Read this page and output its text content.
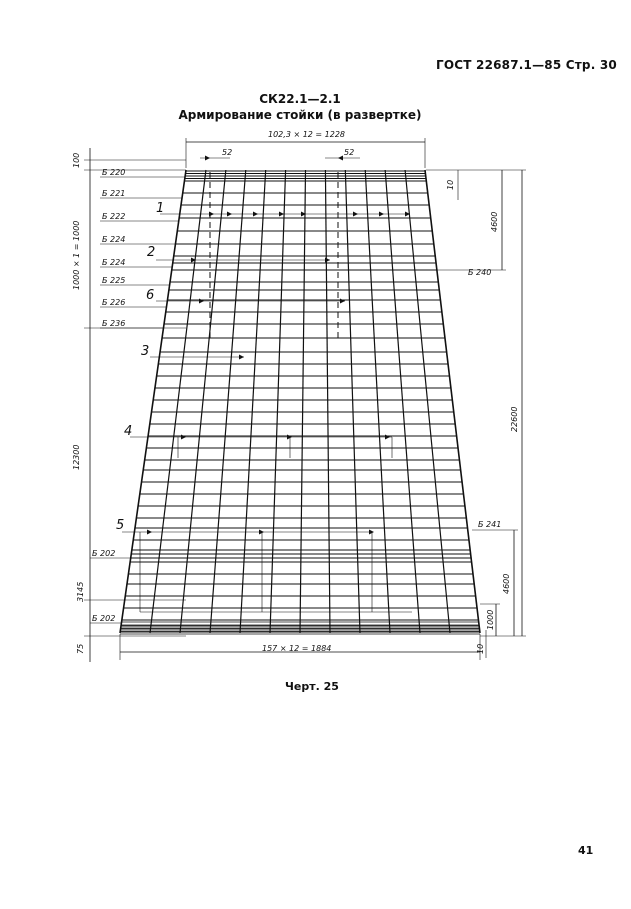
ГОСТ 22687.1—85 Стр. 30
СК22.1—2.1
Армирование стойки (в развертке)
102,3 × 12 = 1228
52	52
157 × 12 = 1884
100
1000 × 1 = 1000
12300
3145
75
10
4600
22600
4600
1000
10
Б 220
Б 221
Б 222
Б 224
Б 224
Б 225
Б 226
Б 236
Б 202
Б 202
Б 240
Б 241
1
2
6
3
4
5
Черт. 25
41
